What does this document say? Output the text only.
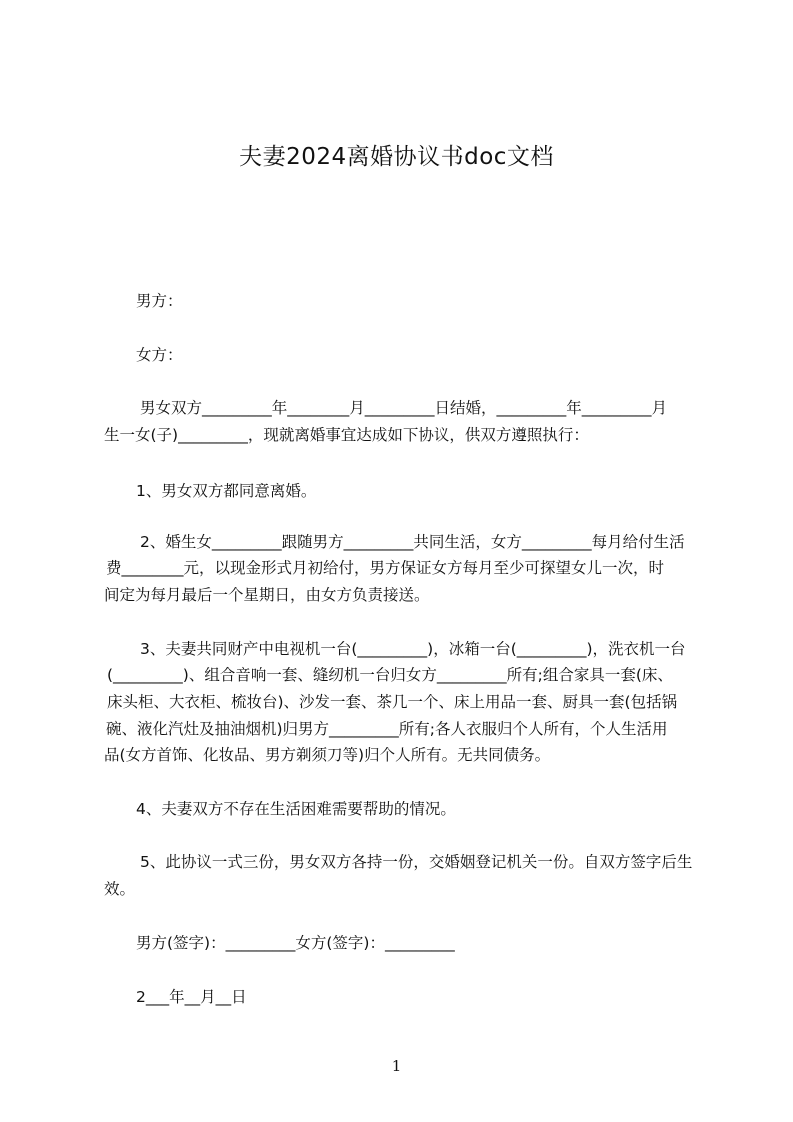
夫妻2024离婚协议书doc文档
男方：
女方：
男女双方_________年________月_________日结婚，_________年_________月
生一女(子)_________，现就离婚事宜达成如下协议，供双方遵照执行：
1、男女双方都同意离婚。
2、婚生女_________跟随男方_________共同生活，女方_________每月给付生活
费________元，以现金形式月初给付，男方保证女方每月至少可探望女儿一次，时
间定为每月最后一个星期日，由女方负责接送。
3、夫妻共同财产中电视机一台(_________)，冰箱一台(_________)，洗衣机一台
(_________)、组合音响一套、缝纫机一台归女方_________所有;组合家具一套(床、
床头柜、大衣柜、梳妆台)、沙发一套、茶几一个、床上用品一套、厨具一套(包括锅
碗、液化汽灶及抽油烟机)归男方_________所有;各人衣服归个人所有，个人生活用
品(女方首饰、化妆品、男方剃须刀等)归个人所有。无共同债务。
4、夫妻双方不存在生活困难需要帮助的情况。
5、此协议一式三份，男女双方各持一份，交婚姻登记机关一份。自双方签字后生
效。
男方(签字)：_________女方(签字)：_________
2___年__月__日
1
